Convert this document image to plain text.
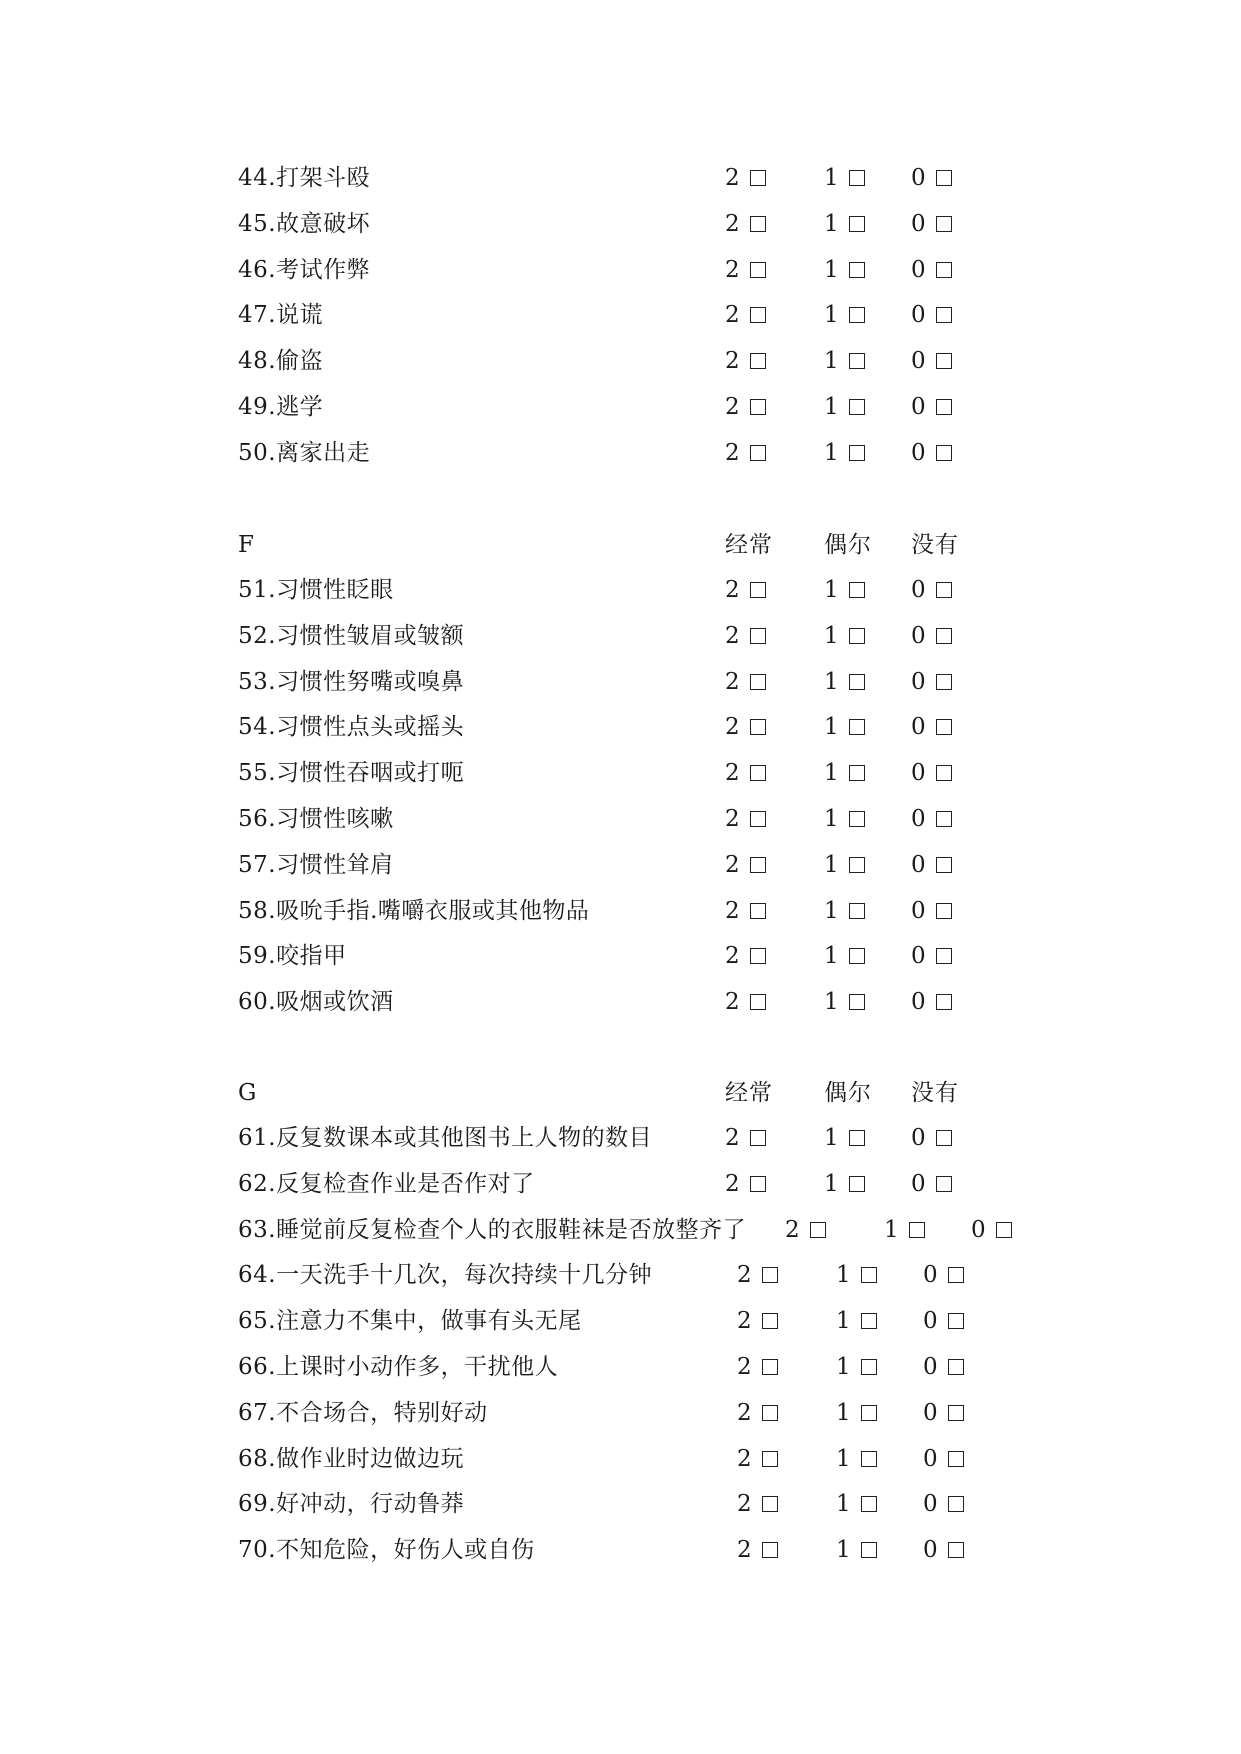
44.打架斗殴	2	1	0
45.故意破坏	2	1	0
46.考试作弊	2	1	0
47.说谎	2	1	0
48.偷盗	2	1	0
49.逃学	2	1	0
50.离家出走	2	1	0
F	经常 偶尔 没有
51.习惯性眨眼	2	1	0
52.习惯性皱眉或皱额	2	1	0
53.习惯性努嘴或嗅鼻	2	1	0
54.习惯性点头或摇头	2	1	0
55.习惯性吞咽或打呃	2	1	0
56.习惯性咳嗽	2	1	0
57.习惯性耸肩	2	1	0
58.吸吮手指.嘴嚼衣服或其他物品	2	1	0
59.咬指甲	2	1	0
60.吸烟或饮酒	2	1	0
G	经常 偶尔 没有
61.反复数课本或其他图书上人物的数目	2	1	0
62.反复检查作业是否作对了	2	1	0
63.睡觉前反复检查个人的衣服鞋袜是否放整齐了 2	1	0
64.一天洗手十几次，每次持续十几分钟	2	1	0
65.注意力不集中，做事有头无尾	2	1	0
66.上课时小动作多，干扰他人	2	1	0
67.不合场合，特别好动	2	1	0
68.做作业时边做边玩	2	1	0
69.好冲动，行动鲁莽	2	1	0
70.不知危险，好伤人或自伤	2	1	0
